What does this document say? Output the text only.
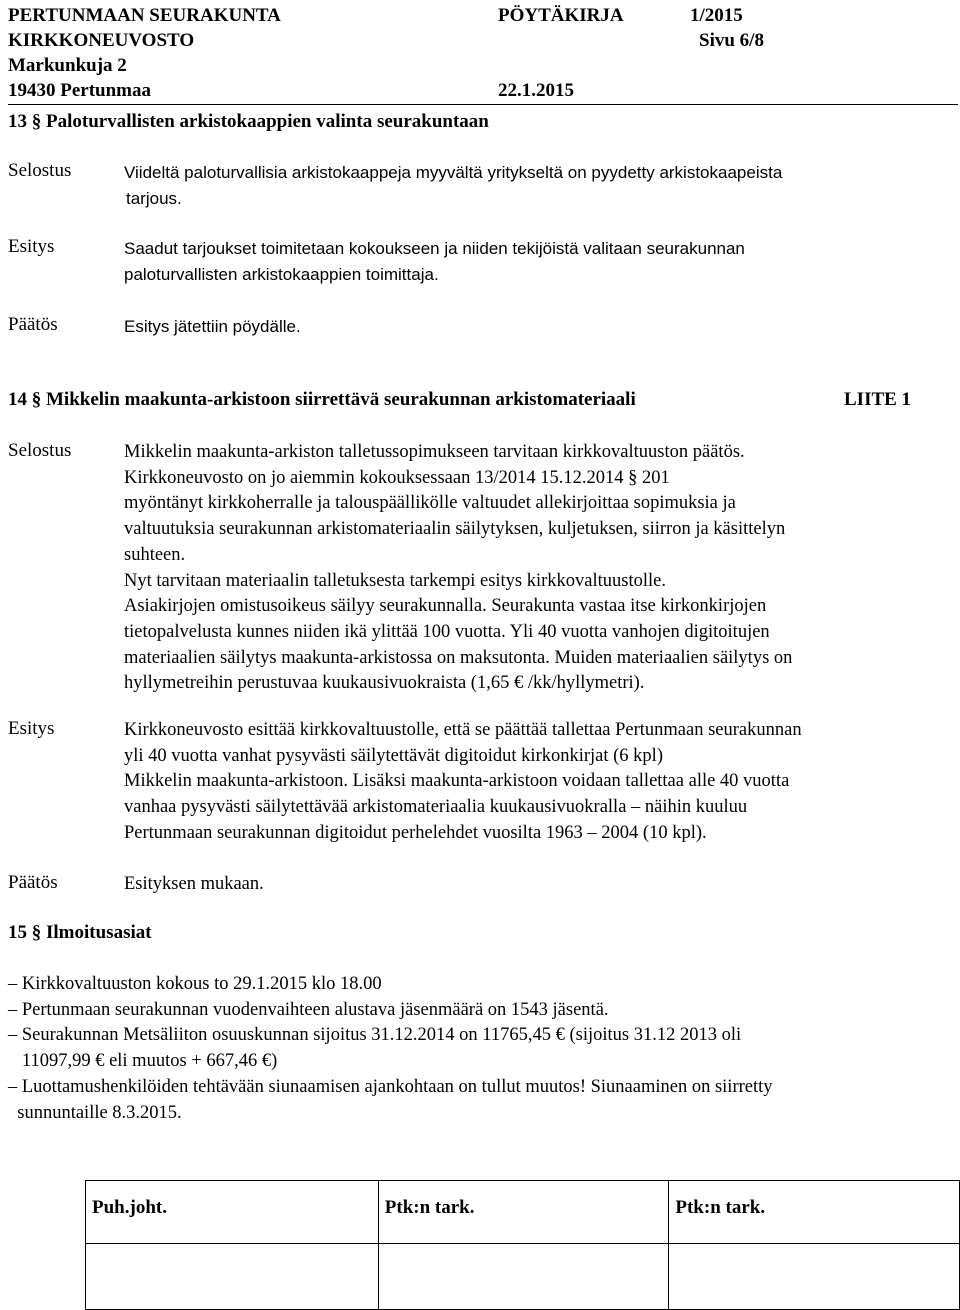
PERTUNMAAN SEURAKUNTA	PÖYTÄKIRJA	1/2015
KIRKKONEUVOSTO	Sivu 6/8
Markunkuja 2
19430 Pertunmaa	22.1.2015
13 § Paloturvallisten arkistokaappien valinta seurakuntaan
Selostus	Viideltä paloturvallisia arkistokaappeja myyvältä yritykseltä on pyydetty arkistokaapeista
tarjous.
Esitys	Saadut tarjoukset toimitetaan kokoukseen ja niiden tekijöistä valitaan seurakunnan
paloturvallisten arkistokaappien toimittaja.
Päätös	Esitys jätettiin pöydälle.
14 § Mikkelin maakunta-arkistoon siirrettävä seurakunnan arkistomateriaali	LIITE 1
Selostus	Mikkelin maakunta-arkiston talletussopimukseen tarvitaan kirkkovaltuuston päätös.
Kirkkoneuvosto on jo aiemmin kokouksessaan 13/2014 15.12.2014 § 201
myöntänyt kirkkoherralle ja talouspäällikölle valtuudet allekirjoittaa sopimuksia ja
valtuutuksia seurakunnan arkistomateriaalin säilytyksen, kuljetuksen, siirron ja käsittelyn
suhteen.
Nyt tarvitaan materiaalin talletuksesta tarkempi esitys kirkkovaltuustolle.
Asiakirjojen omistusoikeus säilyy seurakunnalla. Seurakunta vastaa itse kirkonkirjojen
tietopalvelusta kunnes niiden ikä ylittää 100 vuotta. Yli 40 vuotta vanhojen digitoitujen
materiaalien säilytys maakunta-arkistossa on maksutonta. Muiden materiaalien säilytys on
hyllymetreihin perustuvaa kuukausivuokraista (1,65 € /kk/hyllymetri).
Esitys	Kirkkoneuvosto esittää kirkkovaltuustolle, että se päättää tallettaa Pertunmaan seurakunnan
yli 40 vuotta vanhat pysyvästi säilytettävät digitoidut kirkonkirjat (6 kpl)
Mikkelin maakunta-arkistoon. Lisäksi maakunta-arkistoon voidaan tallettaa alle 40 vuotta
vanhaa pysyvästi säilytettävää arkistomateriaalia kuukausivuokralla – näihin kuuluu
Pertunmaan seurakunnan digitoidut perhelehdet vuosilta 1963 – 2004 (10 kpl).
Päätös	Esityksen mukaan.
15 § Ilmoitusasiat
– Kirkkovaltuuston kokous to 29.1.2015 klo 18.00
– Pertunmaan seurakunnan vuodenvaihteen alustava jäsenmäärä on 1543 jäsentä.
– Seurakunnan Metsäliiton osuuskunnan sijoitus 31.12.2014 on 11765,45 € (sijoitus 31.12 2013 oli
11097,99 € eli muutos + 667,46 €)
– Luottamushenkilöiden tehtävään siunaamisen ajankohtaan on tullut muutos! Siunaaminen on siirretty
sunnuntaille 8.3.2015.
Puh.joht.	Ptk:n tark.	Ptk:n tark.
